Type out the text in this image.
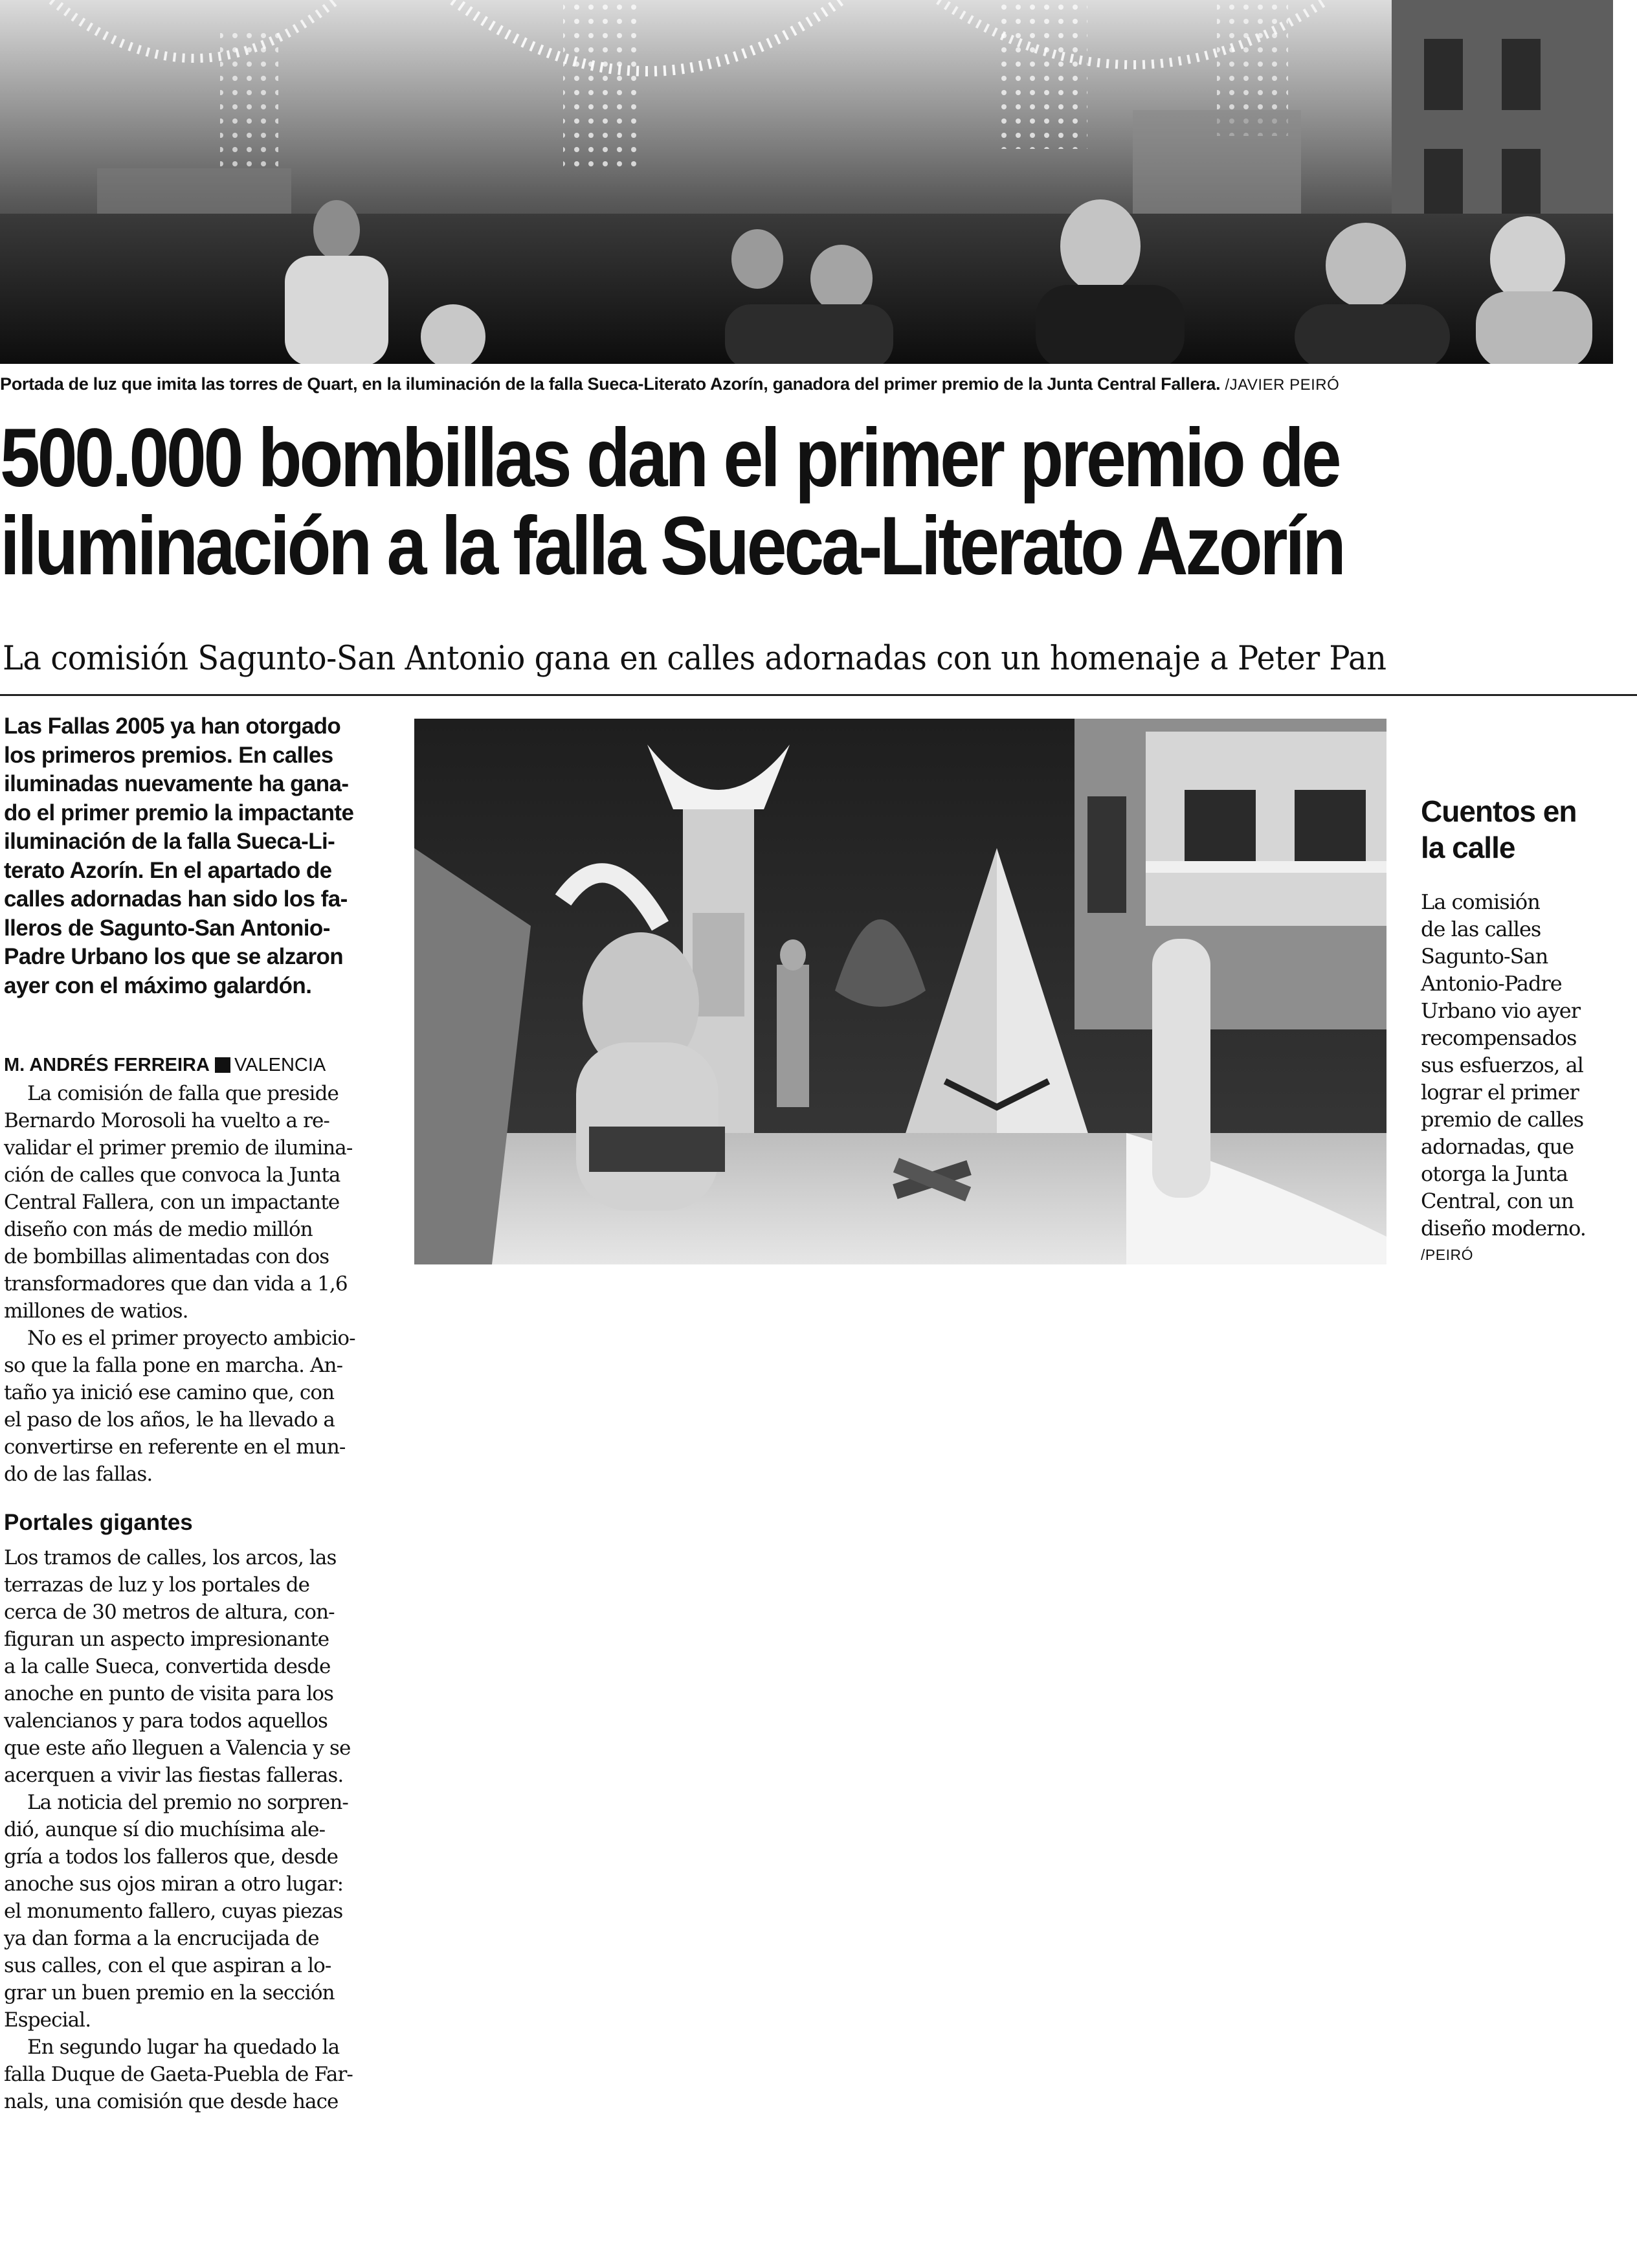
Portada de luz que imita las torres de Quart, en la iluminación de la falla Sueca-Literato Azorín, ganadora del primer premio de la Junta Central Fallera. /JAVIER PEIRÓ
500.000 bombillas dan el primer premio de
iluminación a la falla Sueca-Literato Azorín
La comisión Sagunto-San Antonio gana en calles adornadas con un homenaje a Peter Pan
Las Fallas 2005 ya han otorgado
los primeros premios. En calles
iluminadas nuevamente ha gana-
do el primer premio la impactante
iluminación de la falla Sueca-Li-
terato Azorín. En el apartado de
calles adornadas han sido los fa-
lleros de Sagunto-San Antonio-
Padre Urbano los que se alzaron
ayer con el máximo galardón.
M. ANDRÉS FERREIRA VALENCIA
La comisión de falla que preside
Bernardo Morosoli ha vuelto a re-
validar el primer premio de ilumina-
ción de calles que convoca la Junta
Central Fallera, con un impactante
diseño con más de medio millón
de bombillas alimentadas con dos
transformadores que dan vida a 1,6
millones de watios.
No es el primer proyecto ambicio-
so que la falla pone en marcha. An-
taño ya inició ese camino que, con
el paso de los años, le ha llevado a
convertirse en referente en el mun-
do de las fallas.
Portales gigantes
Los tramos de calles, los arcos, las
terrazas de luz y los portales de
cerca de 30 metros de altura, con-
figuran un aspecto impresionante
a la calle Sueca, convertida desde
anoche en punto de visita para los
valencianos y para todos aquellos
que este año lleguen a Valencia y se
acerquen a vivir las fiestas falleras.
La noticia del premio no sorpren-
dió, aunque sí dio muchísima ale-
gría a todos los falleros que, desde
anoche sus ojos miran a otro lugar:
el monumento fallero, cuyas piezas
ya dan forma a la encrucijada de
sus calles, con el que aspiran a lo-
grar un buen premio en la sección
Especial.
En segundo lugar ha quedado la
falla Duque de Gaeta-Puebla de Far-
nals, una comisión que desde hace
Cuentos en
la calle
La comisión
de las calles
Sagunto-San
Antonio-Padre
Urbano vio ayer
recompensados
sus esfuerzos, al
lograr el primer
premio de calles
adornadas, que
otorga la Junta
Central, con un
diseño moderno.
/PEIRÓ
